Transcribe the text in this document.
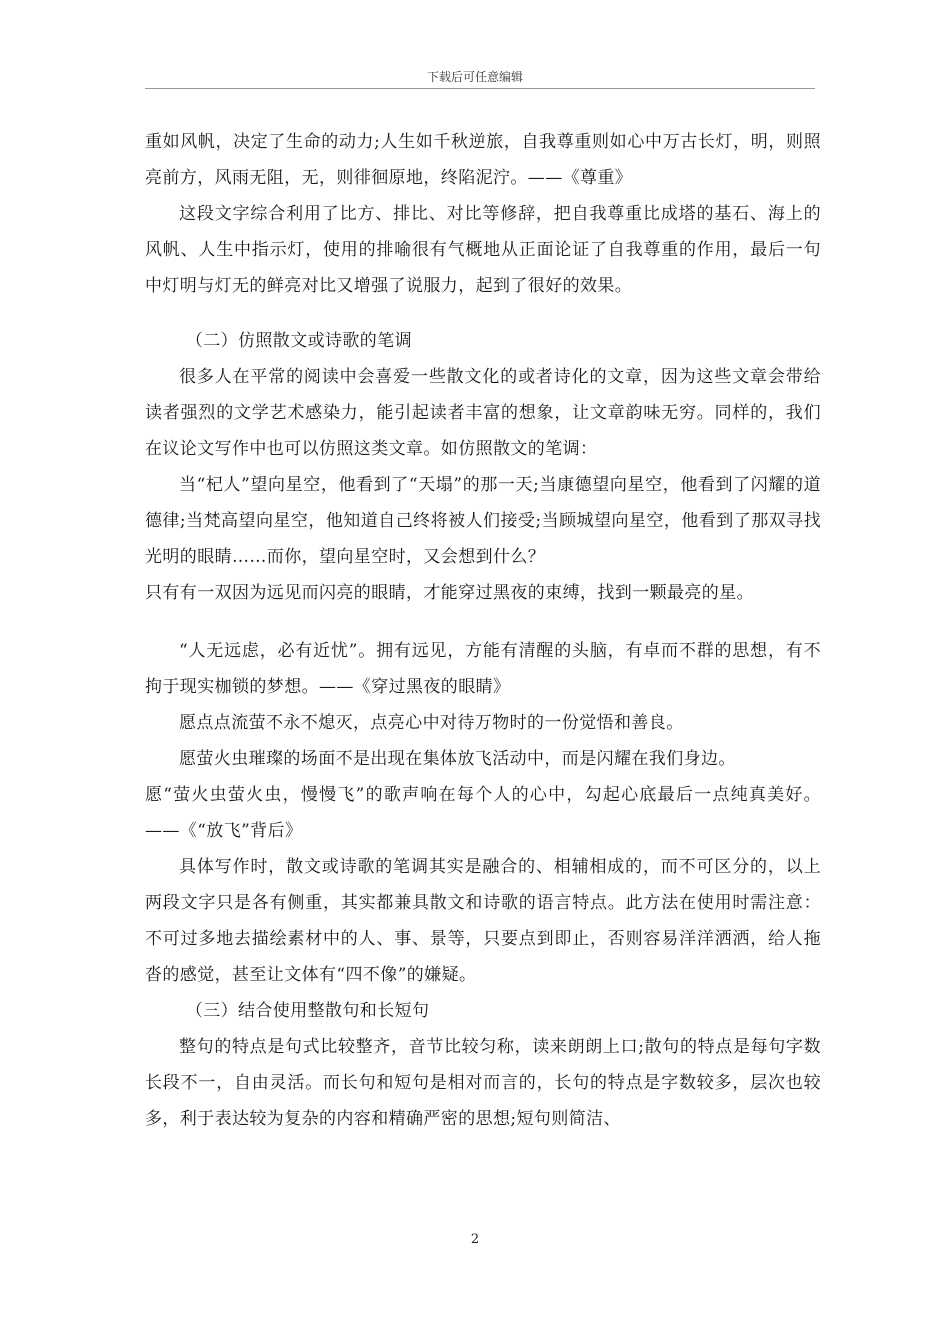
下载后可任意编辑

重如风帆，决定了生命的动力;人生如千秋逆旅，自我尊重则如心中万古长灯，明，则照亮前方，风雨无阻，无，则徘徊原地，终陷泥泞。——《尊重》

这段文字综合利用了比方、排比、对比等修辞，把自我尊重比成塔的基石、海上的风帆、人生中指示灯，使用的排喻很有气概地从正面论证了自我尊重的作用，最后一句中灯明与灯无的鲜亮对比又增强了说服力，起到了很好的效果。

（二）仿照散文或诗歌的笔调

很多人在平常的阅读中会喜爱一些散文化的或者诗化的文章，因为这些文章会带给读者强烈的文学艺术感染力，能引起读者丰富的想象，让文章韵味无穷。同样的，我们在议论文写作中也可以仿照这类文章。如仿照散文的笔调：

当“杞人”望向星空，他看到了“天塌”的那一天;当康德望向星空，他看到了闪耀的道德律;当梵高望向星空，他知道自己终将被人们接受;当顾城望向星空，他看到了那双寻找光明的眼睛……而你，望向星空时，又会想到什么？

只有有一双因为远见而闪亮的眼睛，才能穿过黑夜的束缚，找到一颗最亮的星。

“人无远虑，必有近忧”。拥有远见，方能有清醒的头脑，有卓而不群的思想，有不拘于现实枷锁的梦想。——《穿过黑夜的眼睛》

愿点点流萤不永不熄灭，点亮心中对待万物时的一份觉悟和善良。

愿萤火虫璀璨的场面不是出现在集体放飞活动中，而是闪耀在我们身边。

愿“萤火虫萤火虫，慢慢飞”的歌声响在每个人的心中，勾起心底最后一点纯真美好。——《“放飞”背后》

具体写作时，散文或诗歌的笔调其实是融合的、相辅相成的，而不可区分的，以上两段文字只是各有侧重，其实都兼具散文和诗歌的语言特点。此方法在使用时需注意：不可过多地去描绘素材中的人、事、景等，只要点到即止，否则容易洋洋洒洒，给人拖沓的感觉，甚至让文体有“四不像”的嫌疑。

（三）结合使用整散句和长短句

整句的特点是句式比较整齐，音节比较匀称，读来朗朗上口;散句的特点是每句字数长段不一，自由灵活。而长句和短句是相对而言的，长句的特点是字数较多，层次也较多，利于表达较为复杂的内容和精确严密的思想;短句则简洁、

2
